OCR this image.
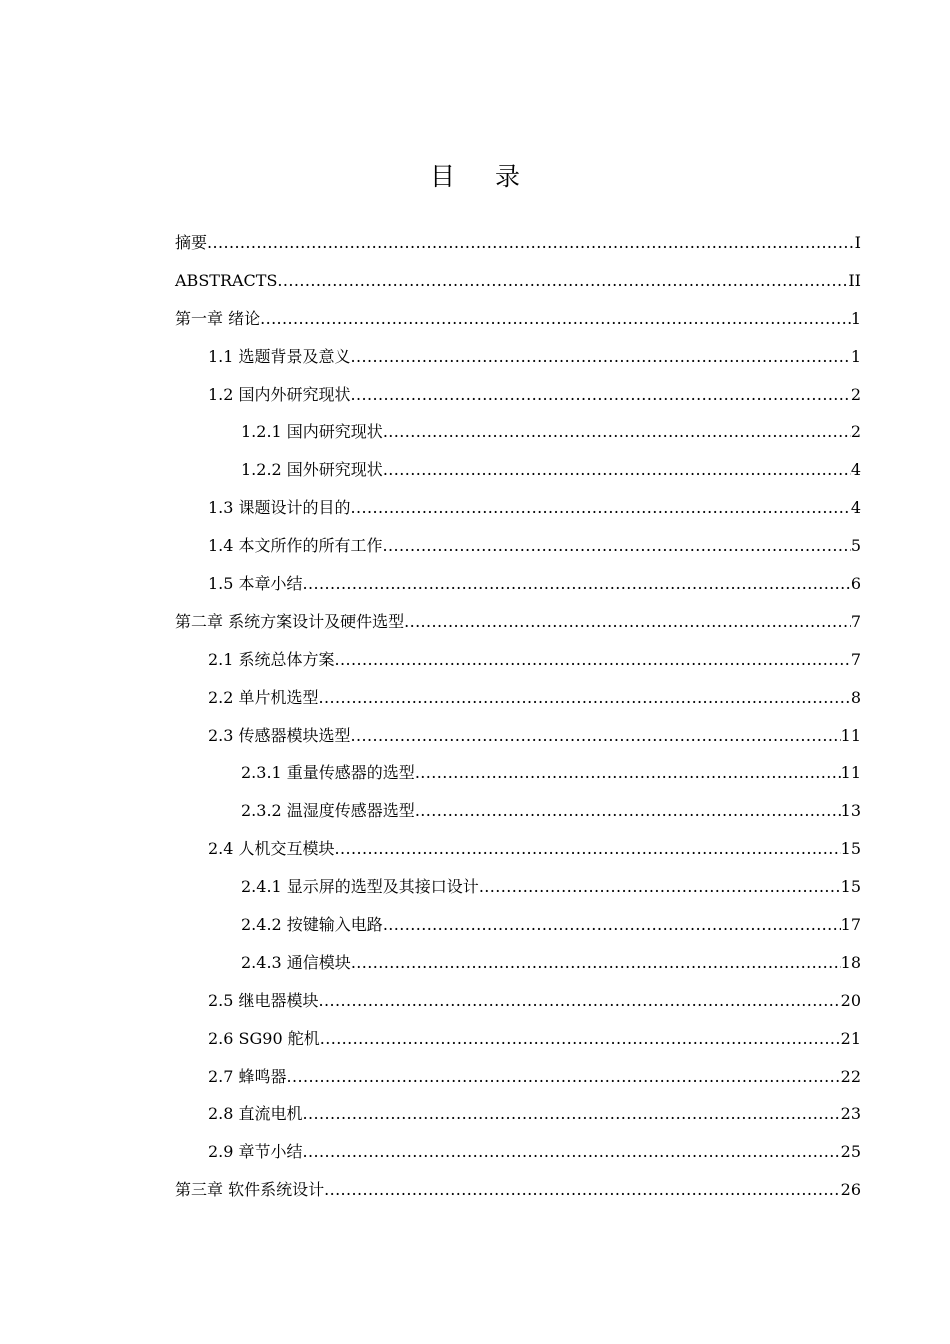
目 录
摘要 .....	I
ABSTRACTS .....	II
第一章 绪论 .....	1
1.1 选题背景及意义 .....	1
1.2 国内外研究现状 .....	2
1.2.1 国内研究现状 .....	2
1.2.2 国外研究现状 .....	4
1.3 课题设计的目的 .....	4
1.4 本文所作的所有工作 .....	5
1.5 本章小结 .....	6
第二章 系统方案设计及硬件选型 .....	7
2.1 系统总体方案 .....	7
2.2 单片机选型 .....	8
2.3 传感器模块选型 .....	11
2.3.1 重量传感器的选型 .....	11
2.3.2 温湿度传感器选型 .....	13
2.4 人机交互模块 .....	15
2.4.1 显示屏的选型及其接口设计 .....	15
2.4.2 按键输入电路 .....	17
2.4.3 通信模块 .....	18
2.5 继电器模块 .....	20
2.6 SG90 舵机 .....	21
2.7 蜂鸣器 .....	22
2.8 直流电机 .....	23
2.9 章节小结 .....	25
第三章 软件系统设计 .....	26
